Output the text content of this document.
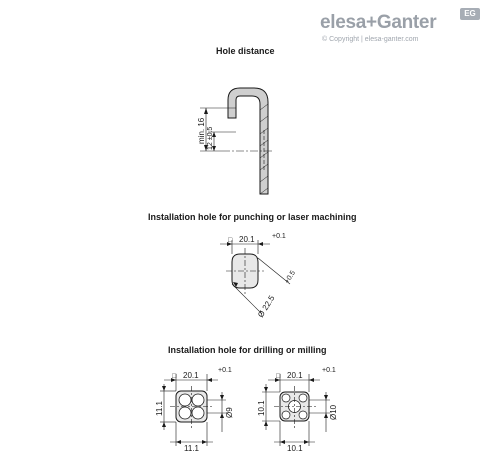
elesa+Ganter	EG
© Copyright | elesa-ganter.com
Hole distance
Installation hole for punching or laser machining
Installation hole for drilling or milling
min. 16 12 ±0.5
□ 20.1 +0.1
Ø 22.5
+0.5
□ 20.1
+0.1
11.1
11.1
Ø9
□ 20.1
+0.1
10.1
10.1
Ø10
